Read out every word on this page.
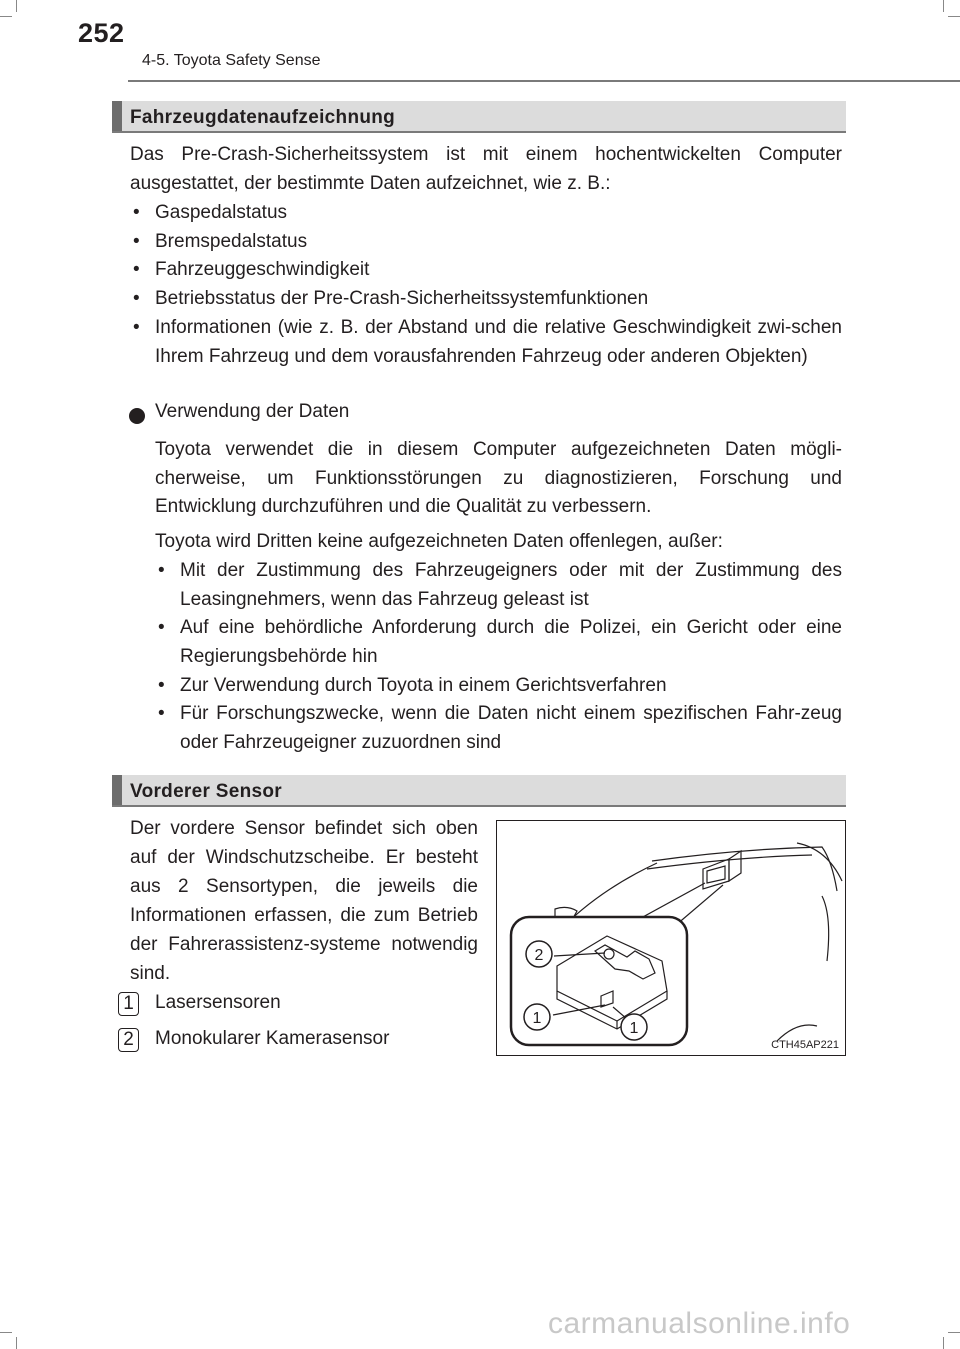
252
4-5. Toyota Safety Sense
Fahrzeugdatenaufzeichnung
Das Pre-Crash-Sicherheitssystem ist mit einem hochentwickelten Computer ausgestattet, der bestimmte Daten aufzeichnet, wie z. B.:
• Gaspedalstatus
• Bremspedalstatus
• Fahrzeuggeschwindigkeit
• Betriebsstatus der Pre-Crash-Sicherheitssystemfunktionen
• Informationen (wie z. B. der Abstand und die relative Geschwindigkeit zwi-schen Ihrem Fahrzeug und dem vorausfahrenden Fahrzeug oder anderen Objekten)
Verwendung der Daten
Toyota verwendet die in diesem Computer aufgezeichneten Daten mögli-cherweise, um Funktionsstörungen zu diagnostizieren, Forschung und Entwicklung durchzuführen und die Qualität zu verbessern.
Toyota wird Dritten keine aufgezeichneten Daten offenlegen, außer:
• Mit der Zustimmung des Fahrzeugeigners oder mit der Zustimmung des Leasingnehmers, wenn das Fahrzeug geleast ist
• Auf eine behördliche Anforderung durch die Polizei, ein Gericht oder eine Regierungsbehörde hin
• Zur Verwendung durch Toyota in einem Gerichtsverfahren
• Für Forschungszwecke, wenn die Daten nicht einem spezifischen Fahr-zeug oder Fahrzeugeigner zuzuordnen sind
Vorderer Sensor
Der vordere Sensor befindet sich oben auf der Windschutzscheibe. Er besteht aus 2 Sensortypen, die jeweils die Informationen erfassen, die zum Betrieb der Fahrerassistenz-systeme notwendig sind.
1 Lasersensoren
2 Monokularer Kamerasensor
2
1
1
CTH45AP221
carmanualsonline.info
